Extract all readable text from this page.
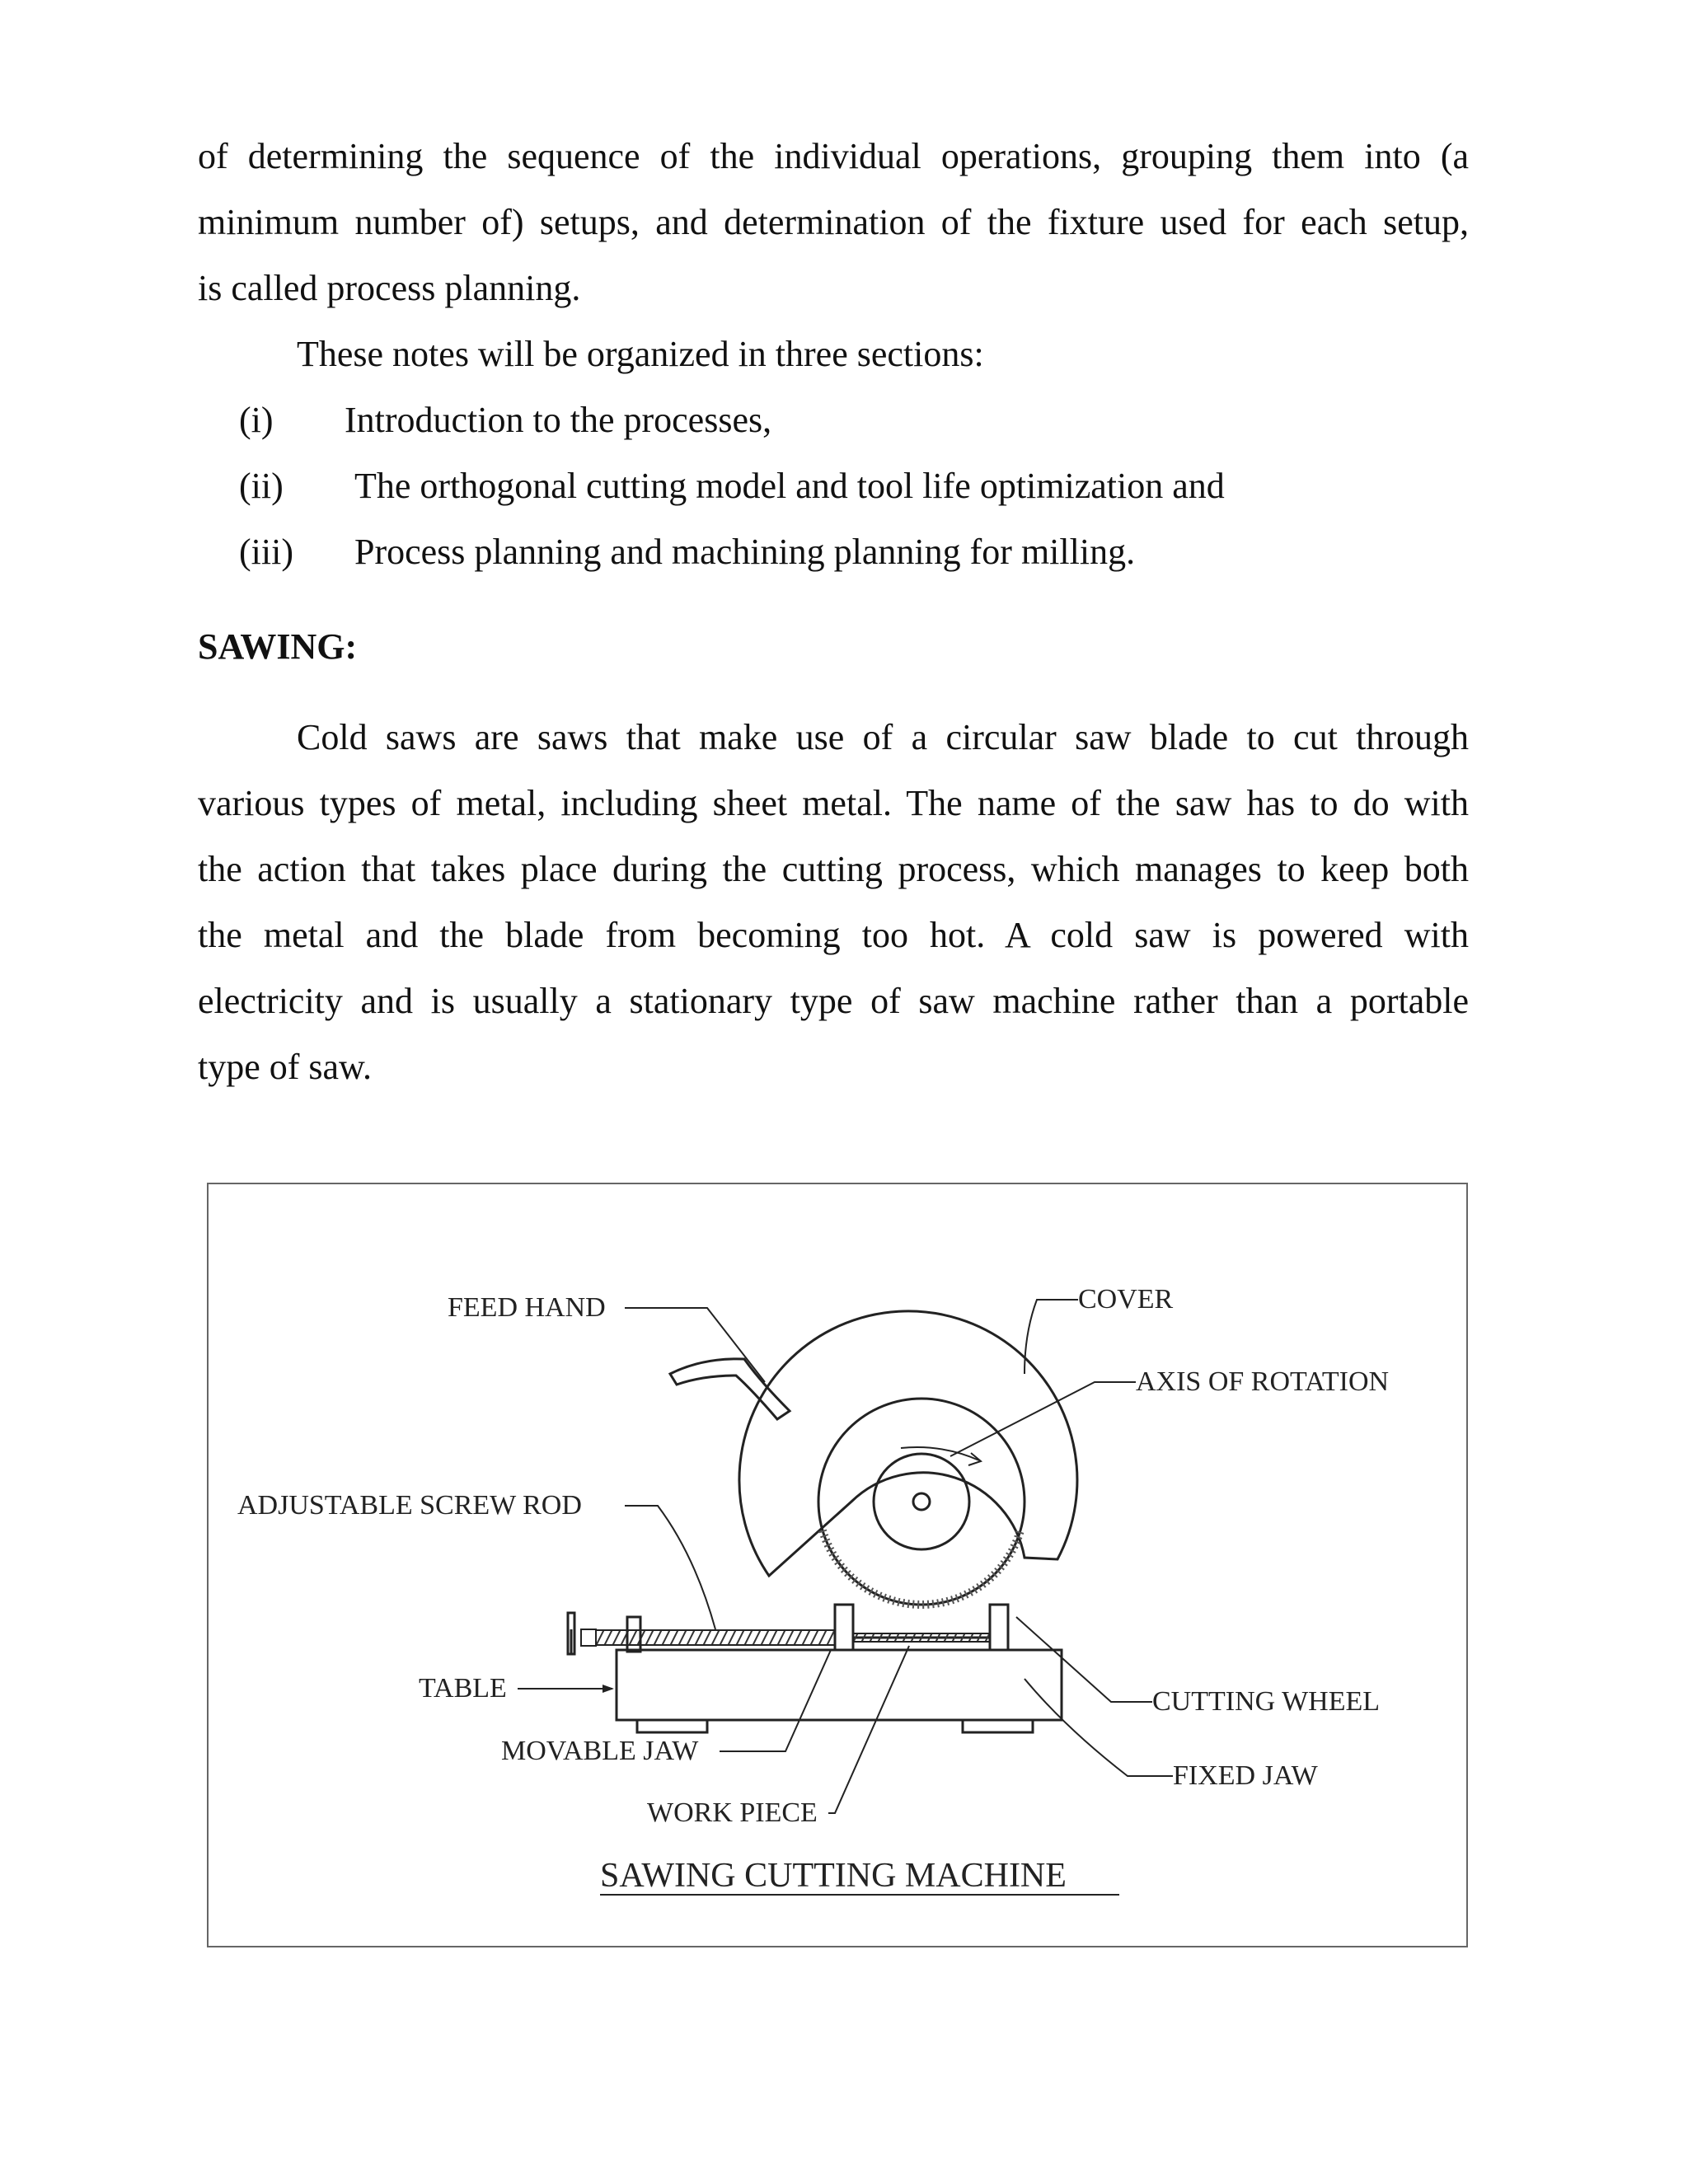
of determining the sequence of the individual operations, grouping them into (a
minimum number of) setups, and determination of the fixture used for each setup,
is called process planning.
These notes will be organized in three sections:

(i) Introduction to the processes,
(ii) The orthogonal cutting model and tool life optimization and
(iii) Process planning and machining planning for milling.
SAWING:

Cold saws are saws that make use of a circular saw blade to cut through
various types of metal, including sheet metal. The name of the saw has to do with
the action that takes place during the cutting process, which manages to keep both
the metal and the blade from becoming too hot. A cold saw is powered with
electricity and is usually a stationary type of saw machine rather than a portable
type of saw.

FEED HAND	COVER
AXIS OF ROTATION
ADJUSTABLE SCREW ROD
TABLE	CUTTING WHEEL
MOVABLE JAW
FIXED JAW
WORK PIECE
SAWING CUTTING MACHINE
